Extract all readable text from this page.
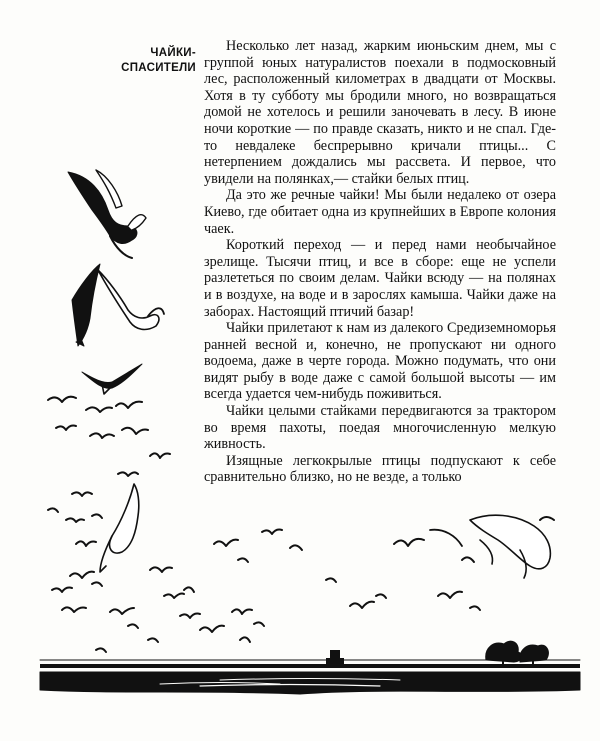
ЧАЙКИ-
СПАСИТЕЛИ

Несколько лет назад, жарким июньским днем, мы с группой юных натуралистов поехали в подмосковный лес, расположенный километрах в двадцати от Москвы. Хотя в ту субботу мы бродили много, но возвращаться домой не хотелось и решили заночевать в лесу. В июне ночи короткие — по правде сказать, никто и не спал. Где-то невдалеке беспрерывно кричали птицы... С нетерпением дождались мы рассвета. И первое, что увидели на полянках,— стайки белых птиц.

Да это же речные чайки! Мы были недалеко от озера Киево, где обитает одна из крупнейших в Европе колония чаек.

Короткий переход — и перед нами необычайное зрелище. Тысячи птиц, и все в сборе: еще не успели разлететься по своим делам. Чайки всюду — на полянах и в воздухе, на воде и в зарослях камыша. Чайки даже на заборах. Настоящий птичий базар!

Чайки прилетают к нам из далекого Средиземноморья ранней весной и, конечно, не пропускают ни одного водоема, даже в черте города. Можно подумать, что они видят рыбу в воде даже с самой большой высоты — им всегда удается чем-нибудь поживиться.

Чайки целыми стайками передвигаются за трактором во время пахоты, поедая многочисленную мелкую живность.

Изящные легкокрылые птицы подпускают к себе сравнительно близко, но не везде, а только
